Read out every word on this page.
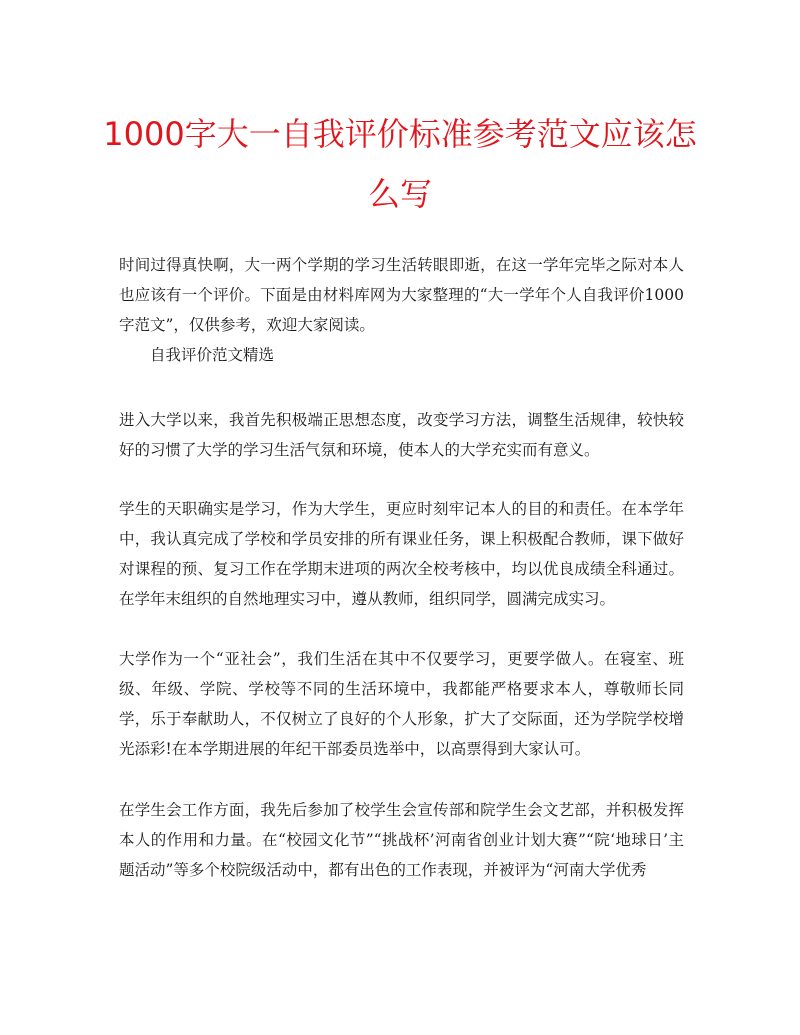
1000字大一自我评价标准参考范文应该怎么写

时间过得真快啊，大一两个学期的学习生活转眼即逝，在这一学年完毕之际对本人也应该有一个评价。下面是由材料库网为大家整理的“大一学年个人自我评价1000字范文”，仅供参考，欢迎大家阅读。

自我评价范文精选

进入大学以来，我首先积极端正思想态度，改变学习方法，调整生活规律，较快较好的习惯了大学的学习生活气氛和环境，使本人的大学充实而有意义。

学生的天职确实是学习，作为大学生，更应时刻牢记本人的目的和责任。在本学年中，我认真完成了学校和学员安排的所有课业任务，课上积极配合教师，课下做好对课程的预、复习工作在学期末进项的两次全校考核中，均以优良成绩全科通过。在学年末组织的自然地理实习中，遵从教师，组织同学，圆满完成实习。

大学作为一个“亚社会”，我们生活在其中不仅要学习，更要学做人。在寝室、班级、年级、学院、学校等不同的生活环境中，我都能严格要求本人，尊敬师长同学，乐于奉献助人，不仅树立了良好的个人形象，扩大了交际面，还为学院学校增光添彩!在本学期进展的年纪干部委员选举中，以高票得到大家认可。

在学生会工作方面，我先后参加了校学生会宣传部和院学生会文艺部，并积极发挥本人的作用和力量。在“校园文化节”“挑战杯’河南省创业计划大赛”“院‘地球日’主题活动”等多个校院级活动中，都有出色的工作表现，并被评为“河南大学优秀
